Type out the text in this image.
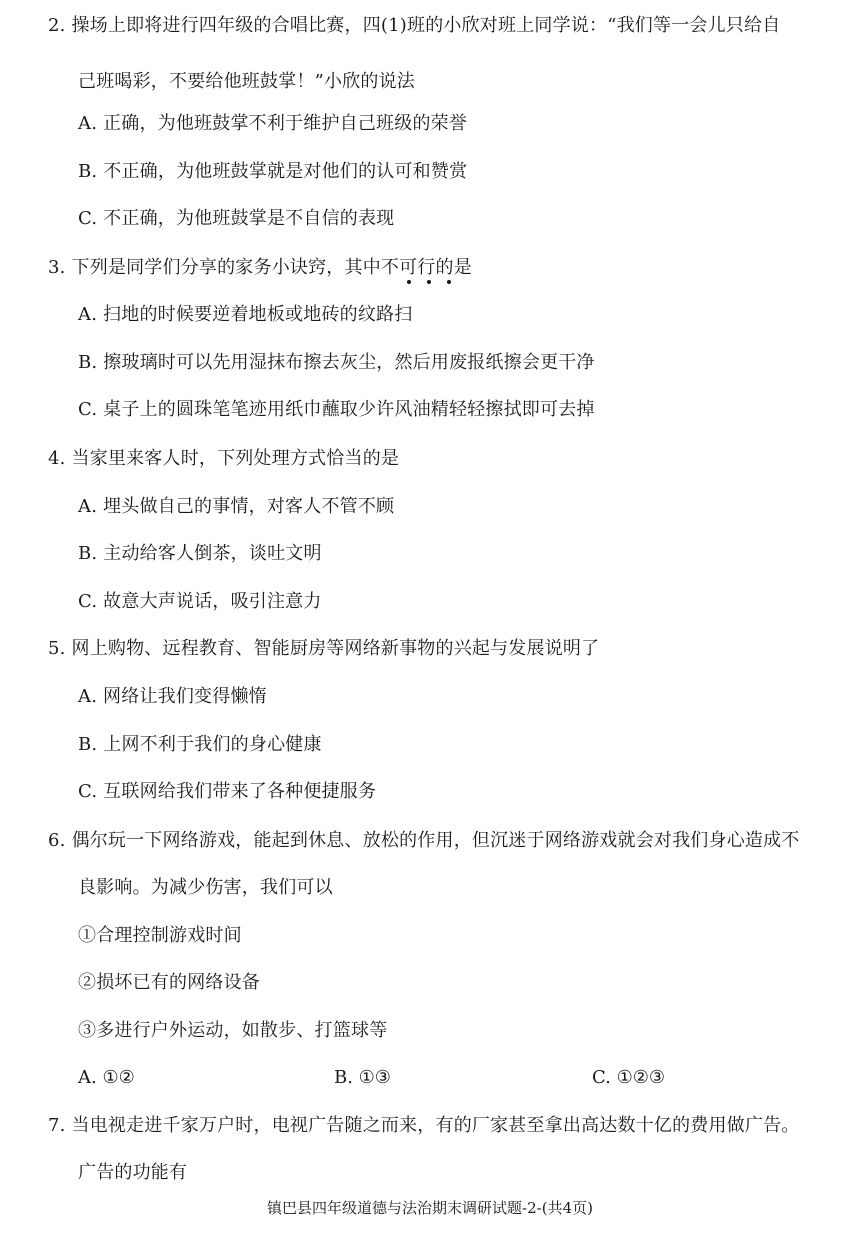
2. 操场上即将进行四年级的合唱比赛，四(1)班的小欣对班上同学说：“我们等一会儿只给自
己班喝彩，不要给他班鼓掌！”小欣的说法
A. 正确，为他班鼓掌不利于维护自己班级的荣誉
B. 不正确，为他班鼓掌就是对他们的认可和赞赏
C. 不正确，为他班鼓掌是不自信的表现
3. 下列是同学们分享的家务小诀窍，其中不可行的是
A. 扫地的时候要逆着地板或地砖的纹路扫
B. 擦玻璃时可以先用湿抹布擦去灰尘，然后用废报纸擦会更干净
C. 桌子上的圆珠笔笔迹用纸巾蘸取少许风油精轻轻擦拭即可去掉
4. 当家里来客人时，下列处理方式恰当的是
A. 埋头做自己的事情，对客人不管不顾
B. 主动给客人倒茶，谈吐文明
C. 故意大声说话，吸引注意力
5. 网上购物、远程教育、智能厨房等网络新事物的兴起与发展说明了
A. 网络让我们变得懒惰
B. 上网不利于我们的身心健康
C. 互联网给我们带来了各种便捷服务
6. 偶尔玩一下网络游戏，能起到休息、放松的作用，但沉迷于网络游戏就会对我们身心造成不
良影响。为减少伤害，我们可以
①合理控制游戏时间
②损坏已有的网络设备
③多进行户外运动，如散步、打篮球等
A. ①②	B. ①③	C. ①②③
7. 当电视走进千家万户时，电视广告随之而来，有的厂家甚至拿出高达数十亿的费用做广告。
广告的功能有
镇巴县四年级道德与法治期末调研试题-2-(共4页)
